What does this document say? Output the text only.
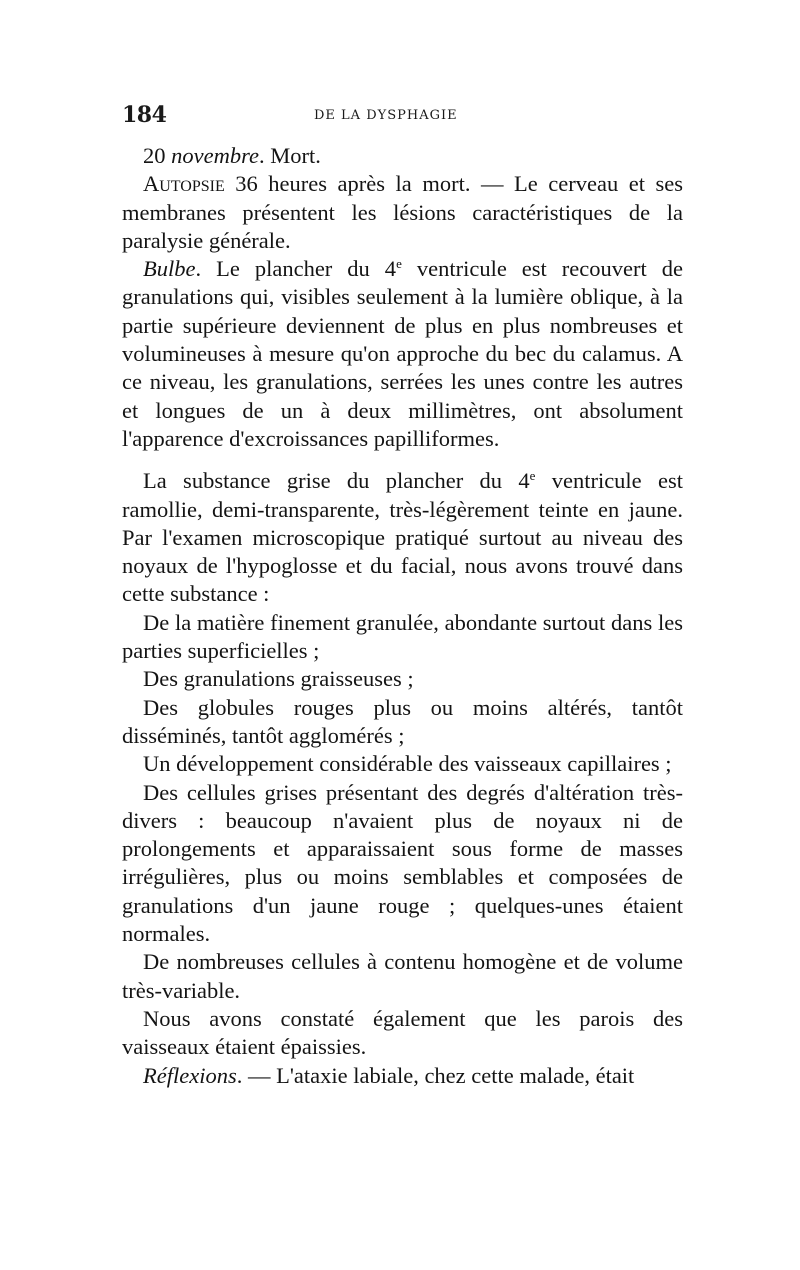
184	DE LA DYSPHAGIE

20 novembre. Mort.

Autopsie 36 heures après la mort. — Le cerveau et ses membranes présentent les lésions caractéristiques de la paralysie générale.

Bulbe. Le plancher du 4e ventricule est recouvert de granulations qui, visibles seulement à la lumière oblique, à la partie supérieure deviennent de plus en plus nombreuses et volumineuses à mesure qu'on approche du bec du calamus. A ce niveau, les granulations, serrées les unes contre les autres et longues de un à deux millimètres, ont absolument l'apparence d'excroissances papilliformes.

La substance grise du plancher du 4e ventricule est ramollie, demi-transparente, très-légèrement teinte en jaune. Par l'examen microscopique pratiqué surtout au niveau des noyaux de l'hypoglosse et du facial, nous avons trouvé dans cette substance :

De la matière finement granulée, abondante surtout dans les parties superficielles ;

Des granulations graisseuses ;

Des globules rouges plus ou moins altérés, tantôt disséminés, tantôt agglomérés ;

Un développement considérable des vaisseaux capillaires ;

Des cellules grises présentant des degrés d'altération très-divers : beaucoup n'avaient plus de noyaux ni de prolongements et apparaissaient sous forme de masses irrégulières, plus ou moins semblables et composées de granulations d'un jaune rouge ; quelques-unes étaient normales.

De nombreuses cellules à contenu homogène et de volume très-variable.

Nous avons constaté également que les parois des vaisseaux étaient épaissies.

Réflexions. — L'ataxie labiale, chez cette malade, était
